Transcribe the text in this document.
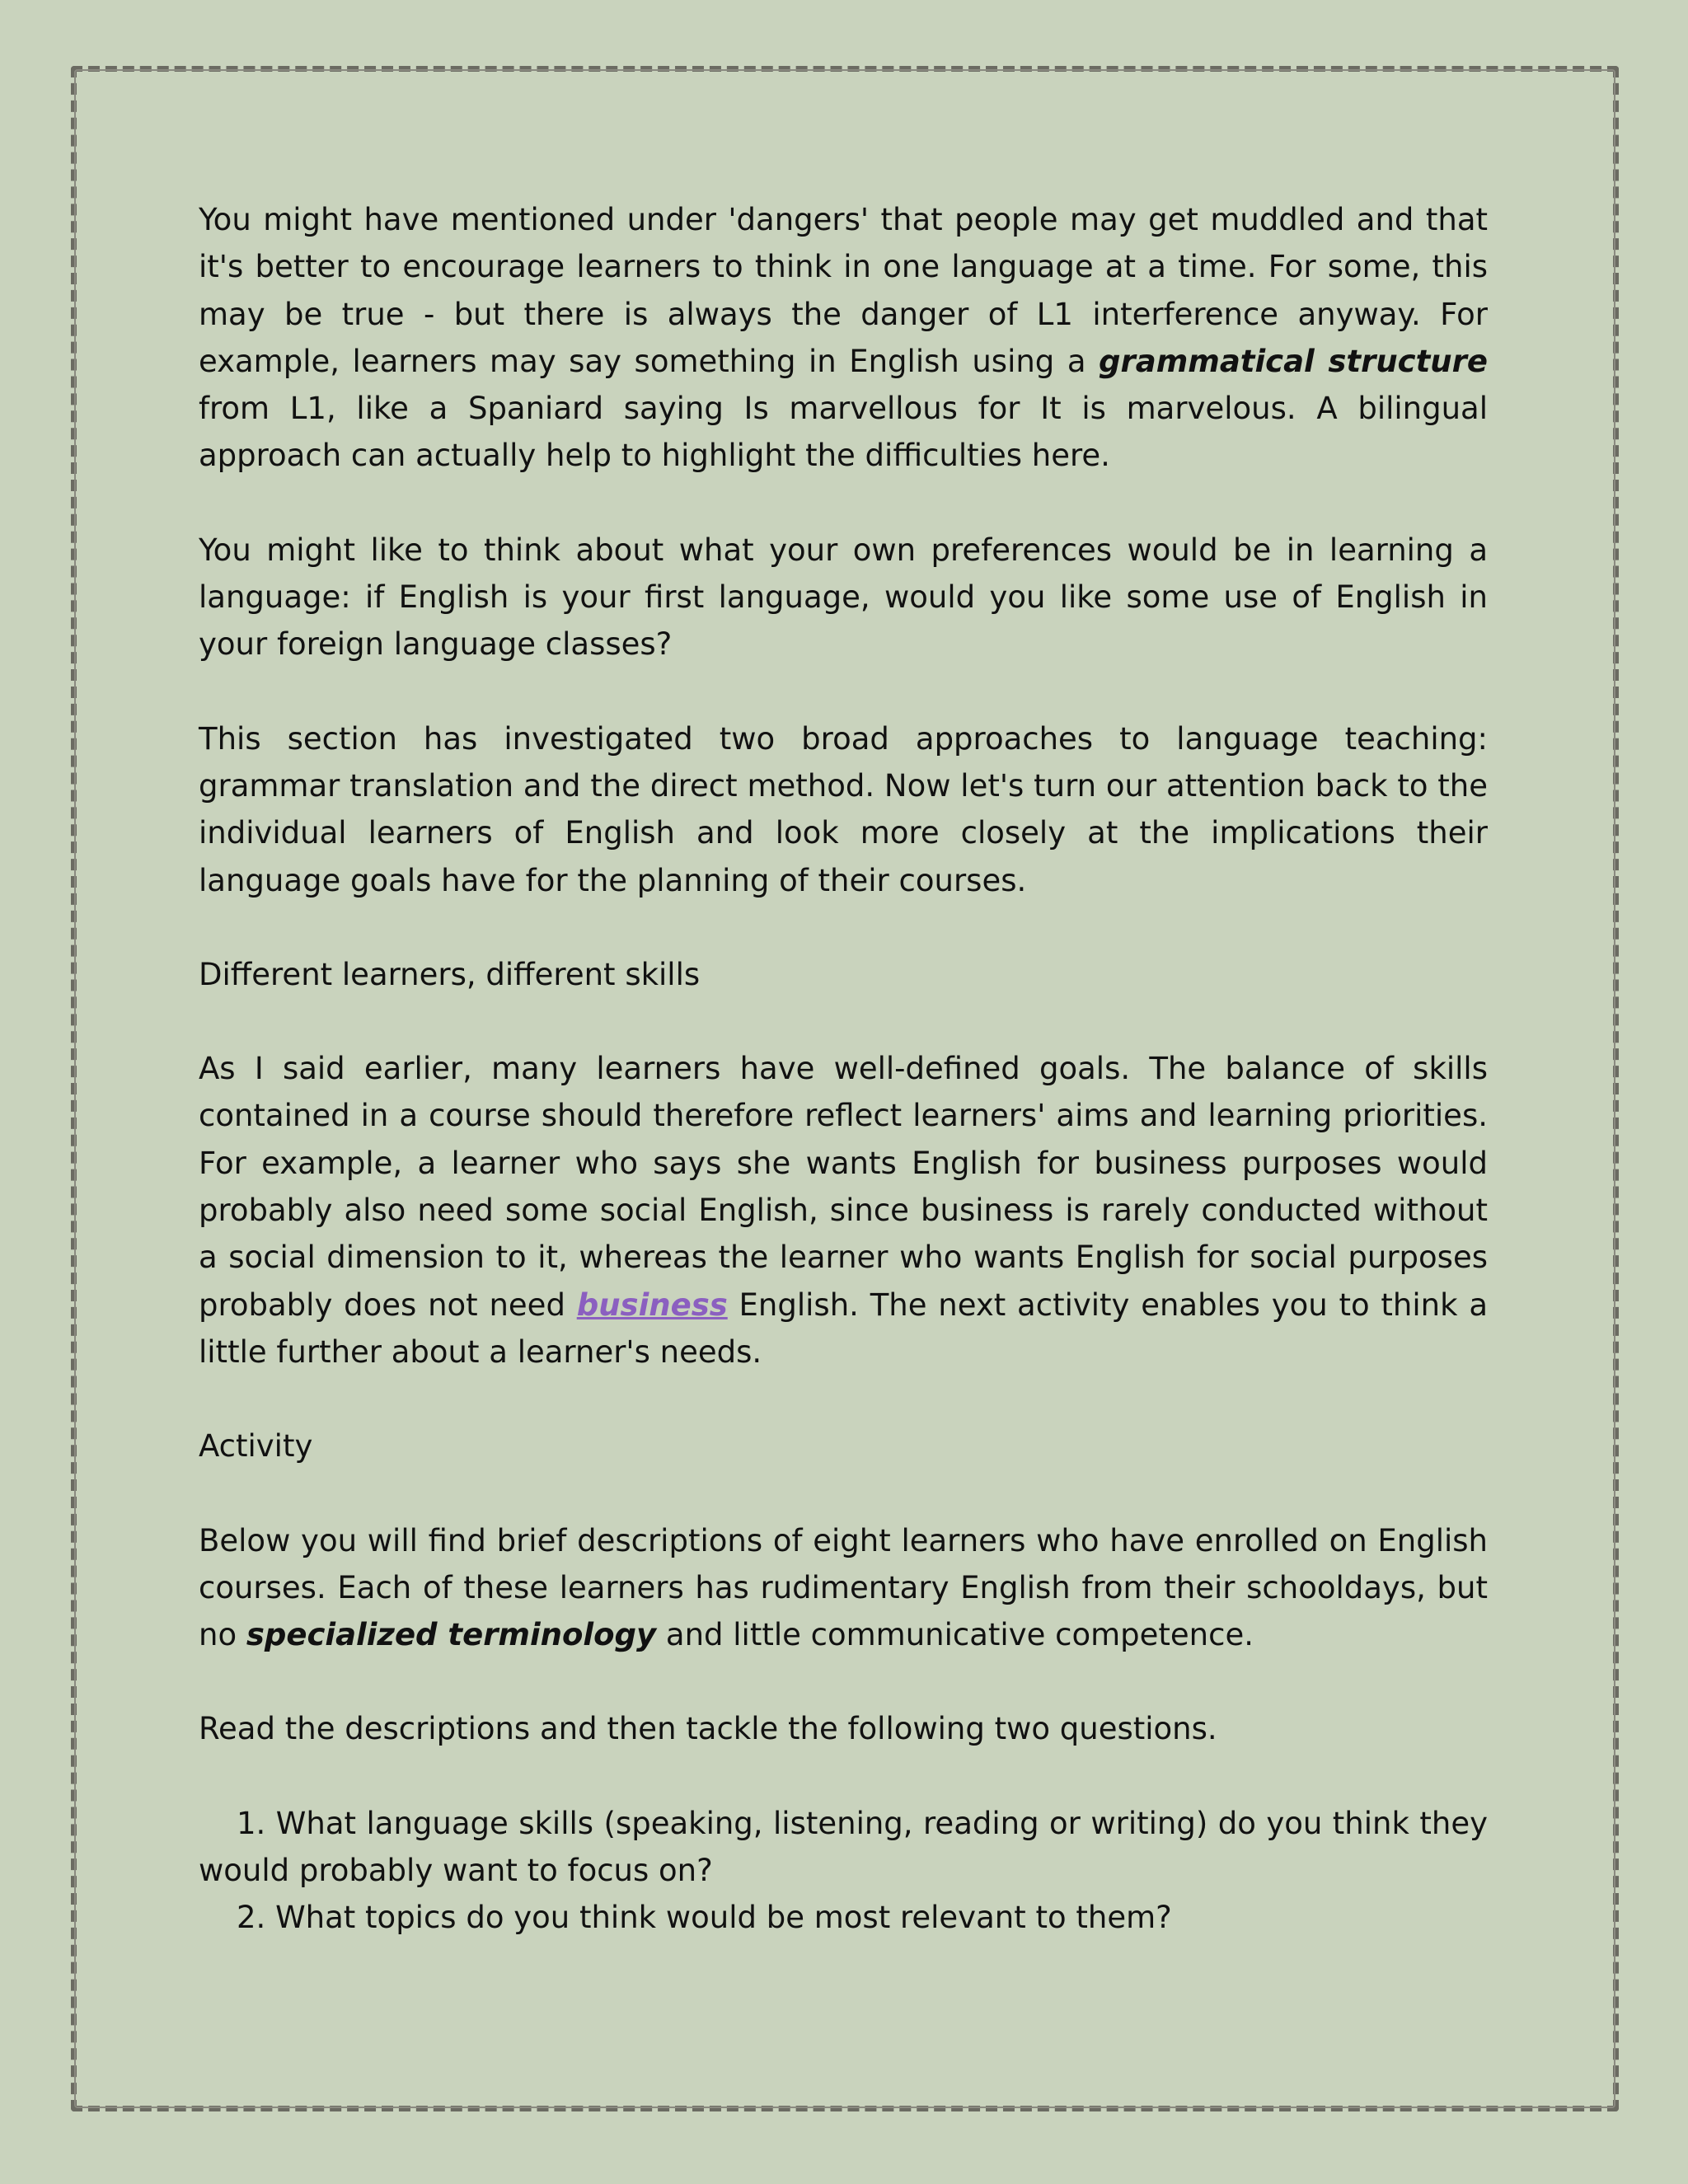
You might have mentioned under 'dangers' that people may get muddled and that it's better to encourage learners to think in one language at a time. For some, this may be true - but there is always the danger of L1 interference anyway. For example, learners may say something in English using a grammatical structure from L1, like a Spaniard saying Is marvellous for It is marvelous. A bilingual approach can actually help to highlight the difficulties here.

You might like to think about what your own preferences would be in learning a language: if English is your first language, would you like some use of English in your foreign language classes?

This section has investigated two broad approaches to language teaching: grammar translation and the direct method. Now let's turn our attention back to the individual learners of English and look more closely at the implications their language goals have for the planning of their courses.

Different learners, different skills

As I said earlier, many learners have well-defined goals. The balance of skills contained in a course should therefore reflect learners' aims and learning priorities. For example, a learner who says she wants English for business purposes would probably also need some social English, since business is rarely conducted without a social dimension to it, whereas the learner who wants English for social purposes probably does not need business English. The next activity enables you to think a little further about a learner's needs.

Activity

Below you will find brief descriptions of eight learners who have enrolled on English courses. Each of these learners has rudimentary English from their schooldays, but no specialized terminology and little communicative competence.

Read the descriptions and then tackle the following two questions.

1. What language skills (speaking, listening, reading or writing) do you think they would probably want to focus on?
2. What topics do you think would be most relevant to them?
